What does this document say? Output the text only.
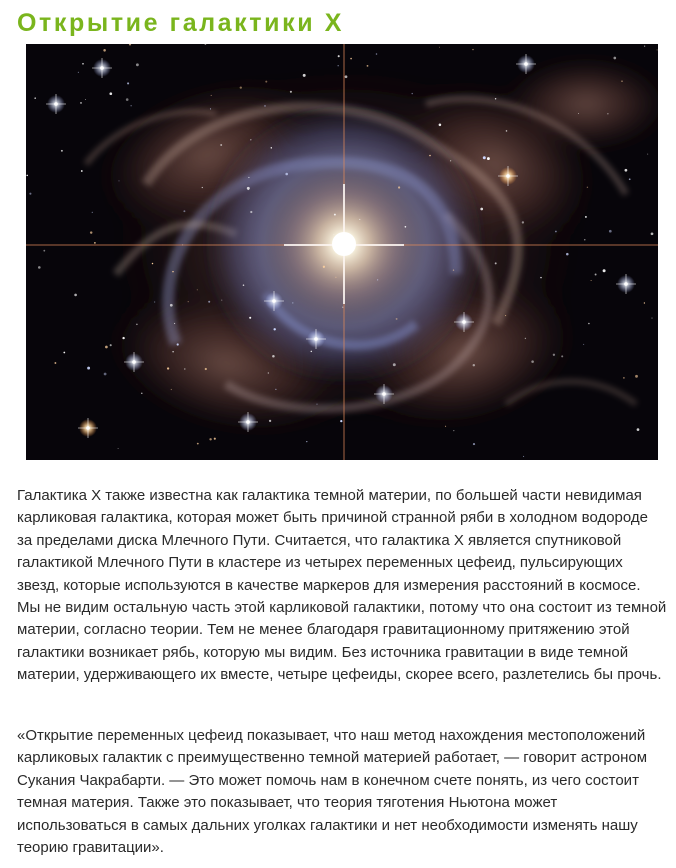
Открытие галактики X

Галактика X также известна как галактика темной материи, по большей части невидимая карликовая галактика, которая может быть причиной странной ряби в холодном водороде за пределами диска Млечного Пути. Считается, что галактика X является спутниковой галактикой Млечного Пути в кластере из четырех переменных цефеид, пульсирующих звезд, которые используются в качестве маркеров для измерения расстояний в космосе. Мы не видим остальную часть этой карликовой галактики, потому что она состоит из темной материи, согласно теории. Тем не менее благодаря гравитационному притяжению этой галактики возникает рябь, которую мы видим. Без источника гравитации в виде темной материи, удерживающего их вместе, четыре цефеиды, скорее всего, разлетелись бы прочь.

«Открытие переменных цефеид показывает, что наш метод нахождения местоположений карликовых галактик с преимущественно темной материей работает, — говорит астроном Сукания Чакрабарти. — Это может помочь нам в конечном счете понять, из чего состоит темная материя. Также это показывает, что теория тяготения Ньютона может использоваться в самых дальних уголках галактики и нет необходимости изменять нашу теорию гравитации».
